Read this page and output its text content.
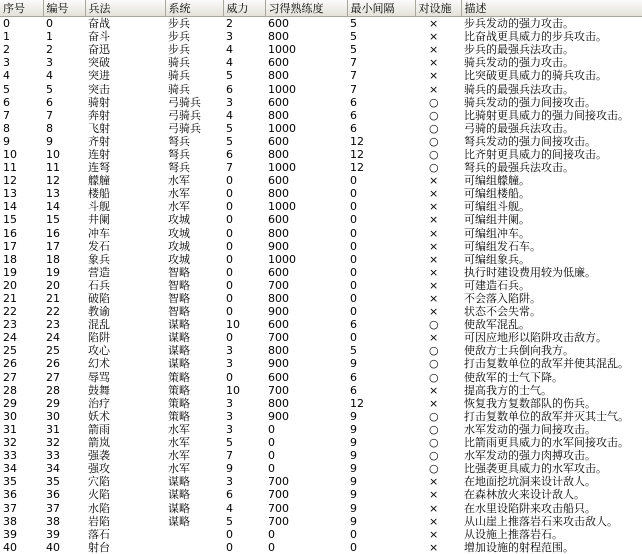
序号	编号	兵法	系统	威力	习得熟练度	最小间隔	对设施	描述
0	0	奋战	步兵	2	600	5	×	步兵发动的强力攻击。
1	1	奋斗	步兵	3	800	5	×	比奋战更具威力的步兵攻击。
2	2	奋迅	步兵	4	1000	5	×	步兵的最强兵法攻击。
3	3	突破	骑兵	4	600	7	×	骑兵发动的强力攻击。
4	4	突进	骑兵	5	800	7	×	比突破更具威力的骑兵攻击。
5	5	突击	骑兵	6	1000	7	×	骑兵的最强兵法攻击。
6	6	骑射	弓骑兵	3	600	6	○	骑兵发动的强力间接攻击。
7	7	奔射	弓骑兵	4	800	6	○	比骑射更具威力的强力间接攻击。
8	8	飞射	弓骑兵	5	1000	6	○	弓骑的最强兵法攻击。
9	9	齐射	弩兵	5	600	12	○	弩兵发动的强力间接攻击。
10	10	连射	弩兵	6	800	12	○	比齐射更具威力的间接攻击。
11	11	连弩	弩兵	7	1000	12	○	弩兵的最强兵法攻击。
12	12	艨艟	水军	0	600	0	×	可编组艨艟。
13	13	楼船	水军	0	800	0	×	可编组楼船。
14	14	斗舰	水军	0	1000	0	×	可编组斗舰。
15	15	井阑	攻城	0	600	0	×	可编组井阑。
16	16	冲车	攻城	0	800	0	×	可编组冲车。
17	17	发石	攻城	0	900	0	×	可编组发石车。
18	18	象兵	攻城	0	1000	0	×	可编组象兵。
19	19	营造	智略	0	600	0	×	执行时建设费用较为低廉。
20	20	石兵	智略	0	700	0	×	可建造石兵。
21	21	破陷	智略	0	800	0	×	不会落入陷阱。
22	22	教谕	智略	0	900	0	×	状态不会失常。
23	23	混乱	谋略	10	600	6	○	使敌军混乱。
24	24	陷阱	谋略	0	700	0	×	可因应地形以陷阱攻击敌方。
25	25	攻心	谋略	3	800	5	○	使敌方士兵倒向我方。
26	26	幻术	谋略	3	900	9	○	打击复数单位的敌军并使其混乱。
27	27	辱骂	策略	0	600	6	○	使敌军的士气下降。
28	28	鼓舞	策略	10	700	6	×	提高我方的士气。
29	29	治疗	策略	3	800	12	×	恢复我方复数部队的伤兵。
30	30	妖术	策略	3	900	9	○	打击复数单位的敌军并灭其士气。
31	31	箭雨	水军	3	0	9	○	水军发动的强力间接攻击。
32	32	箭岚	水军	5	0	9	○	比箭雨更具威力的水军间接攻击。
33	33	强袭	水军	7	0	9	○	水军发动的强力肉搏攻击。
34	34	强攻	水军	9	0	9	○	比强袭更具威力的水军攻击。
35	35	穴陷	谋略	3	700	9	×	在地面挖坑洞来设计敌人。
36	36	火陷	谋略	6	700	9	×	在森林放火来设计敌人。
37	37	水陷	谋略	4	700	9	×	在水里设陷阱来攻击船只。
38	38	岩陷	谋略	5	700	9	×	从山崖上推落岩石来攻击敌人。
39	39	落石		0	0	0	×	从设施上推落岩石。
40	40	射台		0	0	0	×	增加设施的射程范围。
